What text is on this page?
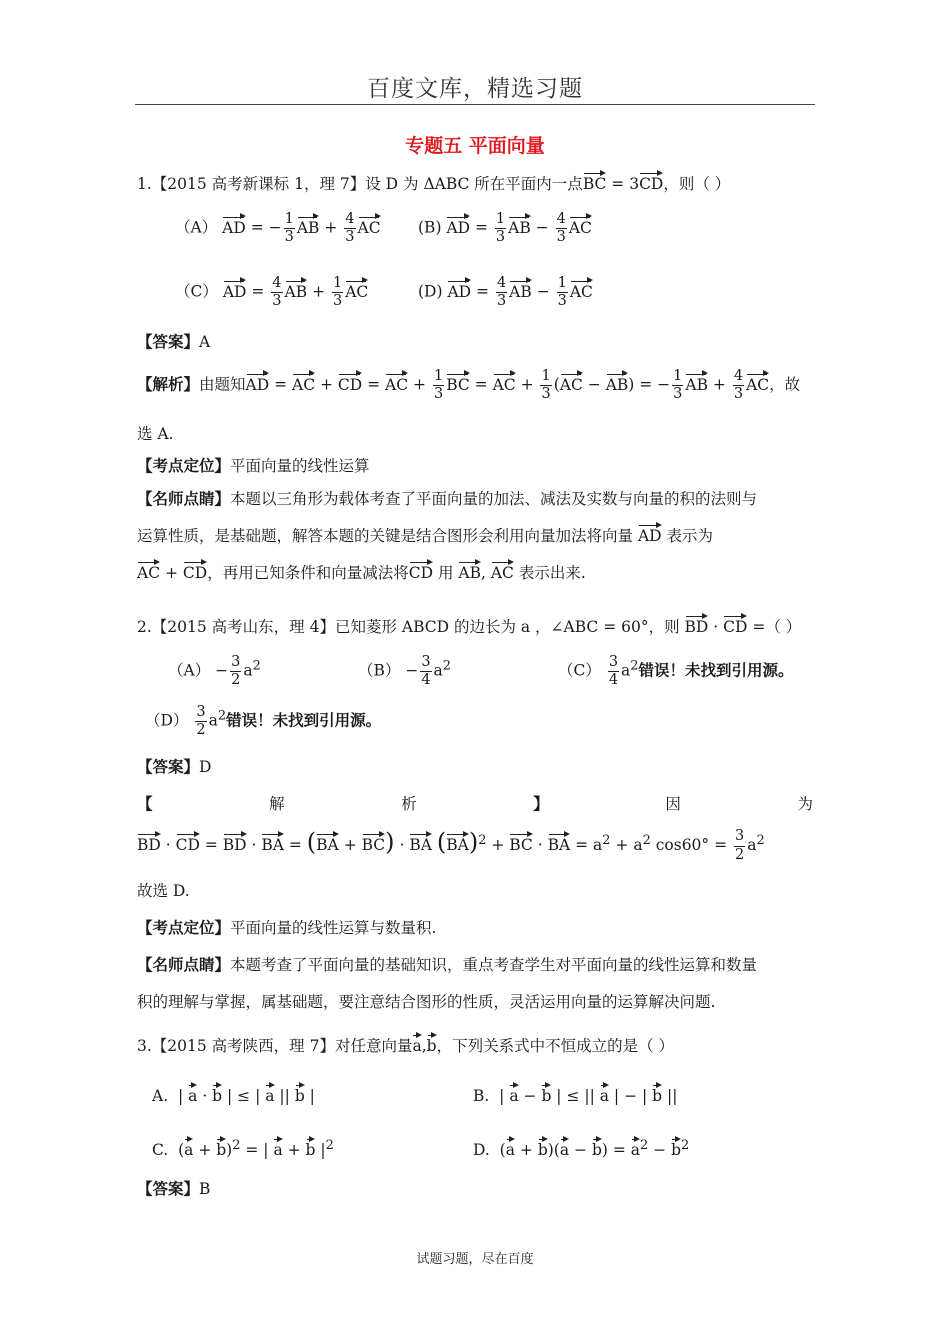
百度文库，精选习题
专题五 平面向量
1.【2015 高考新课标 1，理 7】设 D 为 ΔABC 所在平面内一点BC = 3CD，则（ ）
（A） AD = − $\frac{1}{3}$ AB + $\frac{4}{3}$ AC (B) AD = $\frac{1}{3}$ AB − $\frac{4}{3}$ AC
（C） AD = $\frac{4}{3}$ AB + $\frac{1}{3}$ AC	(D) AD = $\frac{4}{3}$ AB − $\frac{1}{3}$ AC
【答案】A
【解析】由题知AD = AC + CD = AC + $\frac{1}{3}$ BC = AC + $\frac{1}{3} (AC - AB)$ = − $\frac{1}{3}$ AB + $\frac{4}{3}$ AC，故
选 A.
【考点定位】平面向量的线性运算
【名师点睛】本题以三角形为载体考查了平面向量的加法、减法及实数与向量的积的法则与
运算性质，是基础题，解答本题的关键是结合图形会利用向量加法将向量 AD 表示为
AC + CD，再用已知条件和向量减法将CD 用 AB, AC 表示出来.
2.【2015 高考山东，理 4】已知菱形 ABCD 的边长为 a ，∠ABC = 60°，则 BD · CD =（ ）
$(A) - \frac{3}{2} a^2$	$(B) - \frac{3}{4} a^2$	$(C) \frac{3}{4} a^2$错误！未找到引用源。
$(D) \frac{3}{2} a^2$错误！未找到引用源。
【答案】D
【	解	析	】	因	为
BD · CD = BD · BA = (BA + BC) · BA (BA)$^2$ + BC · BA = $a^2 + a^2$ $\cos 60^\circ = \frac{3}{2} a^2$
故选 D.
【考点定位】平面向量的线性运算与数量积.
【名师点睛】本题考查了平面向量的基础知识，重点考查学生对平面向量的线性运算和数量
积的理解与掌握，属基础题，要注意结合图形的性质，灵活运用向量的运算解决问题.
3.【2015 高考陕西，理 7】对任意向量a,b，下列关系式中不恒成立的是（ ）
A.  | a · b | ≤ | a || b |	B.  | a − b | ≤ || a | − | b ||
C.  $(a + b)^2$ = | a + b $|^2$	D.  $(a + b)(a - b) = a^2 - b^2$
【答案】B
试题习题，尽在百度
